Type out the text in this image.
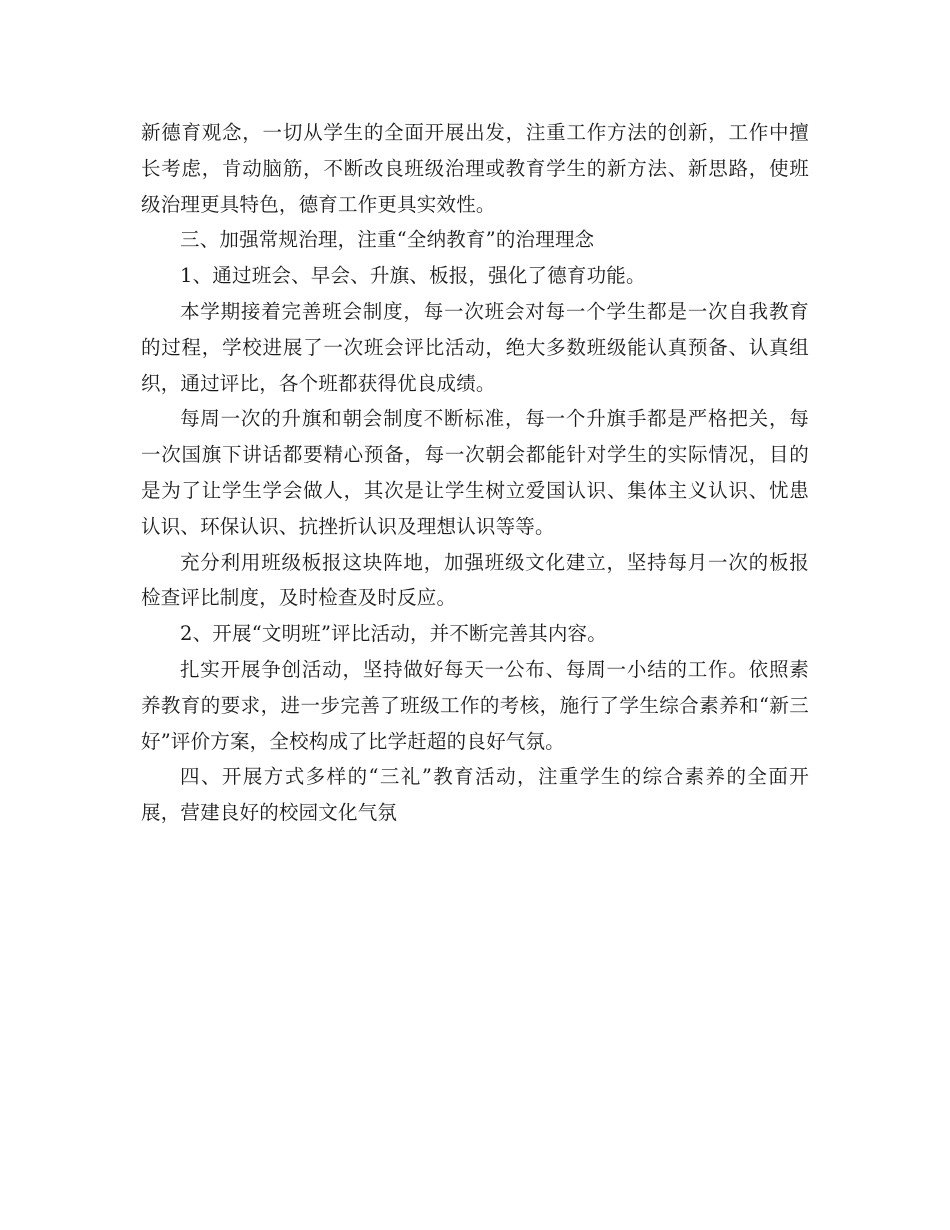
新德育观念，一切从学生的全面开展出发，注重工作方法的创新，工作中擅长考虑，肯动脑筋，不断改良班级治理或教育学生的新方法、新思路，使班级治理更具特色，德育工作更具实效性。

三、加强常规治理，注重“全纳教育”的治理理念

1、通过班会、早会、升旗、板报，强化了德育功能。

本学期接着完善班会制度，每一次班会对每一个学生都是一次自我教育的过程，学校进展了一次班会评比活动，绝大多数班级能认真预备、认真组织，通过评比，各个班都获得优良成绩。

每周一次的升旗和朝会制度不断标准，每一个升旗手都是严格把关，每一次国旗下讲话都要精心预备，每一次朝会都能针对学生的实际情况，目的是为了让学生学会做人，其次是让学生树立爱国认识、集体主义认识、忧患认识、环保认识、抗挫折认识及理想认识等等。

充分利用班级板报这块阵地，加强班级文化建立，坚持每月一次的板报检查评比制度，及时检查及时反应。

2、开展“文明班”评比活动，并不断完善其内容。

扎实开展争创活动，坚持做好每天一公布、每周一小结的工作。依照素养教育的要求，进一步完善了班级工作的考核，施行了学生综合素养和“新三好”评价方案，全校构成了比学赶超的良好气氛。

四、开展方式多样的“三礼”教育活动，注重学生的综合素养的全面开展，营建良好的校园文化气氛
